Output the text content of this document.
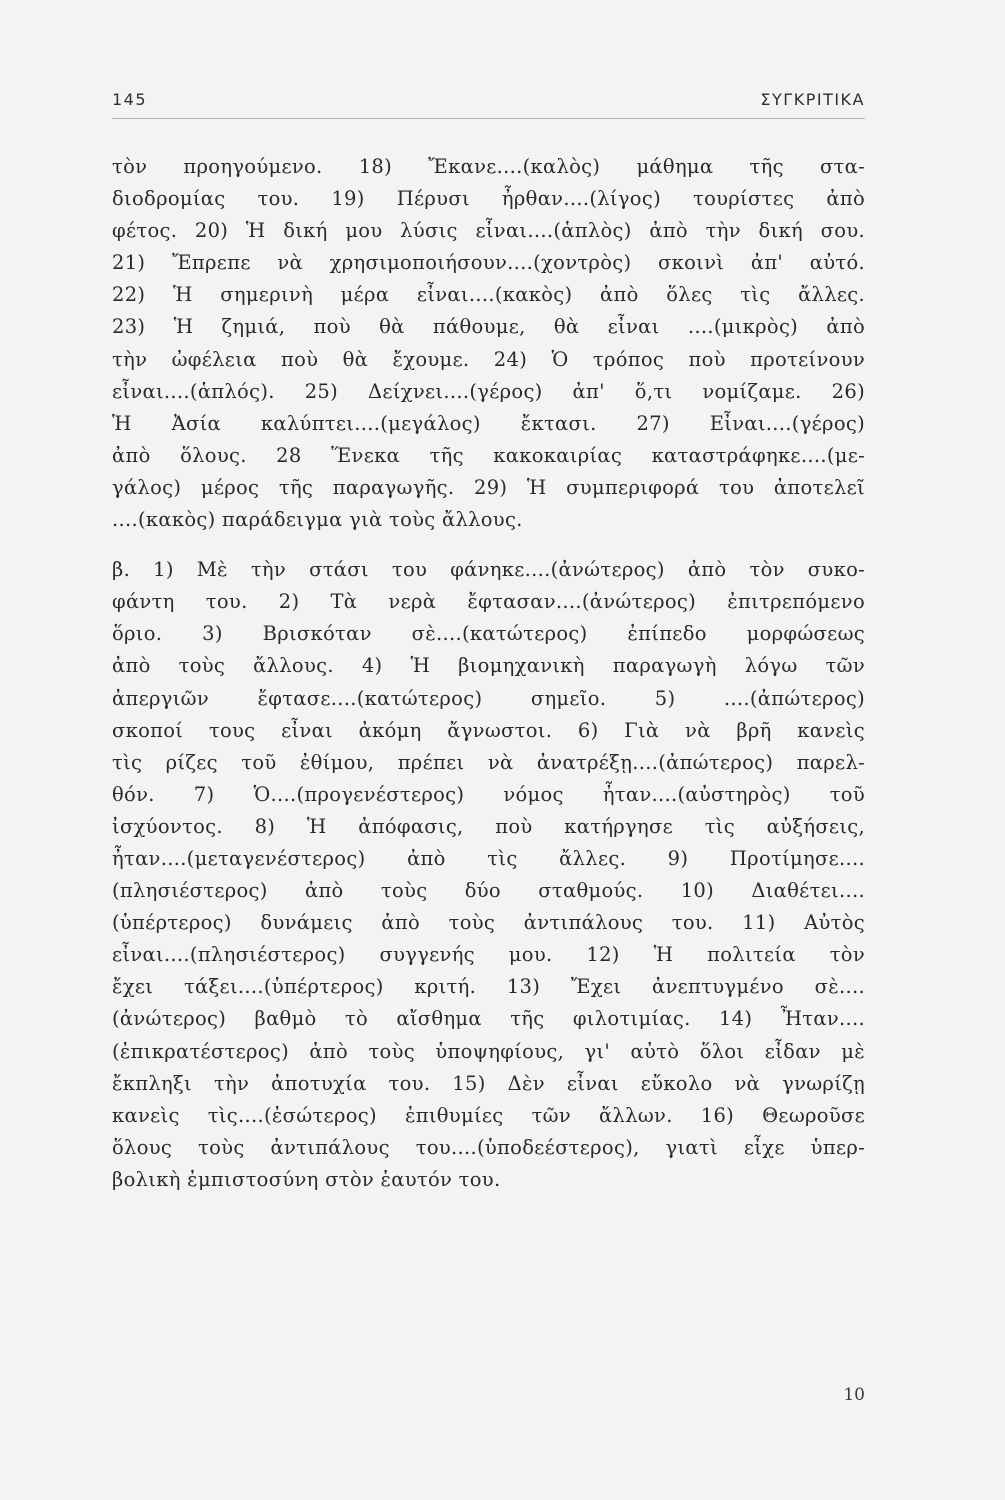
145	ΣΥΓΚΡΙΤΙΚΑ
τὸν προηγούμενο. 18) Ἔκανε....(καλὸς) μάθημα τῆς στα-
διοδρομίας του. 19) Πέρυσι ἦρθαν....(λίγος) τουρίστες ἀπὸ
φέτος. 20) Ἡ δική μου λύσις εἶναι....(ἁπλὸς) ἀπὸ τὴν δική σου.
21) Ἔπρεπε νὰ χρησιμοποιήσουν....(χοντρὸς) σκοινὶ ἀπ' αὐτό.
22) Ἡ σημερινὴ μέρα εἶναι....(κακὸς) ἀπὸ ὅλες τὶς ἄλλες.
23) Ἡ ζημιά, ποὺ θὰ πάθουμε, θὰ εἶναι ....(μικρὸς) ἀπὸ
τὴν ὠφέλεια ποὺ θὰ ἔχουμε. 24) Ὁ τρόπος ποὺ προτείνουν
εἶναι....(ἁπλός). 25) Δείχνει....(γέρος) ἀπ' ὅ,τι νομίζαμε. 26)
Ἡ Ἀσία καλύπτει....(μεγάλος) ἔκτασι. 27) Εἶναι....(γέρος)
ἀπὸ ὅλους. 28 Ἕνεκα τῆς κακοκαιρίας καταστράφηκε....(με-
γάλος) μέρος τῆς παραγωγῆς. 29) Ἡ συμπεριφορά του ἀποτελεῖ
....(κακὸς) παράδειγμα γιὰ τοὺς ἄλλους.
β. 1) Μὲ τὴν στάσι του φάνηκε....(ἀνώτερος) ἀπὸ τὸν συκο-
φάντη του. 2) Τὰ νερὰ ἔφτασαν....(ἀνώτερος) ἐπιτρεπόμενο
ὅριο. 3) Βρισκόταν σὲ....(κατώτερος) ἐπίπεδο μορφώσεως
ἀπὸ τοὺς ἄλλους. 4) Ἡ βιομηχανικὴ παραγωγὴ λόγω τῶν
ἀπεργιῶν ἔφτασε....(κατώτερος) σημεῖο. 5) ....(ἀπώτερος)
σκοποί τους εἶναι ἀκόμη ἄγνωστοι. 6) Γιὰ νὰ βρῆ κανεὶς
τὶς ρίζες τοῦ ἐθίμου, πρέπει νὰ ἀνατρέξῃ....(ἀπώτερος) παρελ-
θόν. 7) Ὁ....(προγενέστερος) νόμος ἦταν....(αὐστηρὸς) τοῦ
ἰσχύοντος. 8) Ἡ ἀπόφασις, ποὺ κατήργησε τὶς αὐξήσεις,
ἦταν....(μεταγενέστερος) ἀπὸ τὶς ἄλλες. 9) Προτίμησε....
(πλησιέστερος) ἀπὸ τοὺς δύο σταθμούς. 10) Διαθέτει....
(ὑπέρτερος) δυνάμεις ἀπὸ τοὺς ἀντιπάλους του. 11) Αὐτὸς
εἶναι....(πλησιέστερος) συγγενής μου. 12) Ἡ πολιτεία τὸν
ἔχει τάξει....(ὑπέρτερος) κριτή. 13) Ἔχει ἀνεπτυγμένο σὲ....
(ἀνώτερος) βαθμὸ τὸ αἴσθημα τῆς φιλοτιμίας. 14) Ἦταν....
(ἐπικρατέστερος) ἀπὸ τοὺς ὑποψηφίους, γι' αὐτὸ ὅλοι εἶδαν μὲ
ἔκπληξι τὴν ἀποτυχία του. 15) Δὲν εἶναι εὔκολο νὰ γνωρίζῃ
κανεὶς τὶς....(ἐσώτερος) ἐπιθυμίες τῶν ἄλλων. 16) Θεωροῦσε
ὅλους τοὺς ἀντιπάλους του....(ὑποδεέστερος), γιατὶ εἶχε ὑπερ-
βολικὴ ἐμπιστοσύνη στὸν ἑαυτόν του.
10
